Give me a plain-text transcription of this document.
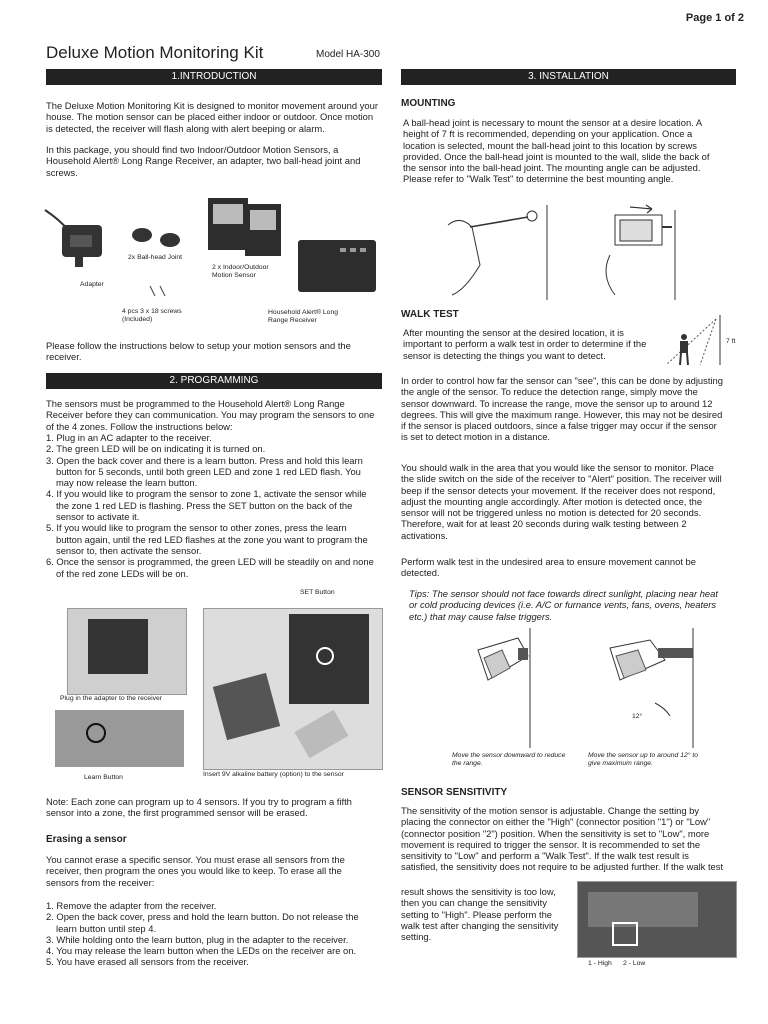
Page 1 of 2
Deluxe Motion Monitoring Kit	Model HA-300
1.INTRODUCTION

The Deluxe Motion Monitoring Kit is designed to monitor movement around your house. The motion sensor can be placed either indoor or outdoor. Once motion is detected, the receiver will flash along with alert beeping or alarm.

In this package, you should find two Indoor/Outdoor Motion Sensors, a Household Alert® Long Range Receiver, an adapter, two ball-head joint and screws.

2x Ball-head Joint
Adapter
2 x Indoor/Outdoor Motion Sensor
4 pcs 3 x 18 screws (Included)
Household Alert® Long Range Receiver

Please follow the instructions below to setup your motion sensors and the receiver.

2. PROGRAMMING

The sensors must be programmed to the Household Alert® Long Range Receiver before they can communication. You may program the sensors to one of the 4 zones. Follow the instructions below:

1. Plug in an AC adapter to the receiver.
2. The green LED will be on indicating it is turned on.
3. Open the back cover and there is a learn button. Press and hold this learn button for 5 seconds, until both green LED and zone 1 red LED flash. You may now release the learn button.
4. If you would like to program the sensor to zone 1, activate the sensor while the zone 1 red LED is flashing. Press the SET button on the back of the sensor to activate it.
5. If you would like to program the sensor to other zones, press the learn button again, until the red LED flashes at the zone you want to program the sensor to, then activate the sensor.
6. Once the sensor is programmed, the green LED will be steadily on and none of the red zone LEDs will be on.
SET Button
Plug in the adapter to the receiver
Learn Button	Insert 9V alkaline battery (option) to the sensor

Note: Each zone can program up to 4 sensors. If you try to program a fifth sensor into a zone, the first programmed sensor will be erased.

Erasing a sensor

You cannot erase a specific sensor. You must erase all sensors from the receiver, then program the ones you would like to keep. To erase all the sensors from the receiver:

1. Remove the adapter from the receiver.
2. Open the back cover, press and hold the learn button. Do not release the learn button until step 4.
3. While holding onto the learn button, plug in the adapter to the receiver.
4. You may release the learn button when the LEDs on the receiver are on.
5. You have erased all sensors from the receiver.
3. INSTALLATION
MOUNTING

A ball-head joint is necessary to mount the sensor at a desire location. A height of 7 ft is recommended, depending on your application. Once a location is selected, mount the ball-head joint to this location by screws provided. Once the ball-head joint is mounted to the wall, slide the back of the sensor into the ball-head joint. The mounting angle can be adjusted. Please refer to "Walk Test" to determine the best mounting angle.

WALK TEST

After mounting the sensor at the desired location, it is important to perform a walk test in order to determine if the sensor is detecting the things you want to detect.

7 ft

In order to control how far the sensor can "see", this can be done by adjusting the angle of the sensor. To reduce the detection range, simply move the sensor downward. To increase the range, move the sensor up to around 12 degrees. This will give the maximum range. However, this may not be desired if the sensor is placed outdoors, since a false trigger may occur if the sensor is set to detect motion in a distance.

You should walk in the area that you would like the sensor to monitor. Place the slide switch on the side of the receiver to "Alert" position. The receiver will beep if the sensor detects your movement. If the receiver does not respond, adjust the mounting angle accordingly. After motion is detected once, the sensor will not be triggered unless no motion is detected for 20 seconds. Therefore, wait for at least 20 seconds during walk testing between 2 activations.

Perform walk test in the undesired area to ensure movement cannot be detected.

Tips: The sensor should not face towards direct sunlight, placing near heat or cold producing devices (i.e. A/C or furnance vents, fans, ovens, heaters etc.) that may cause false triggers.

12°
Move the sensor downward to reduce the range.
Move the sensor up to around 12° to give maximum range.
SENSOR SENSITIVITY

The sensitivity of the motion sensor is adjustable. Change the setting by placing the connector on either the "High" (connector position "1") or "Low" (connector position "2") position. When the sensitivity is set to "Low", more movement is required to trigger the sensor. It is recommended to set the sensitivity to "Low" and perform a "Walk Test". If the walk test result is satisfied, the sensitivity does not require to be adjusted further. If the walk test

result shows the sensitivity is too low, then you can change the sensitivity setting to "High". Please perform the walk test after changing the sensitivity setting.

1 - High 2 - Low
